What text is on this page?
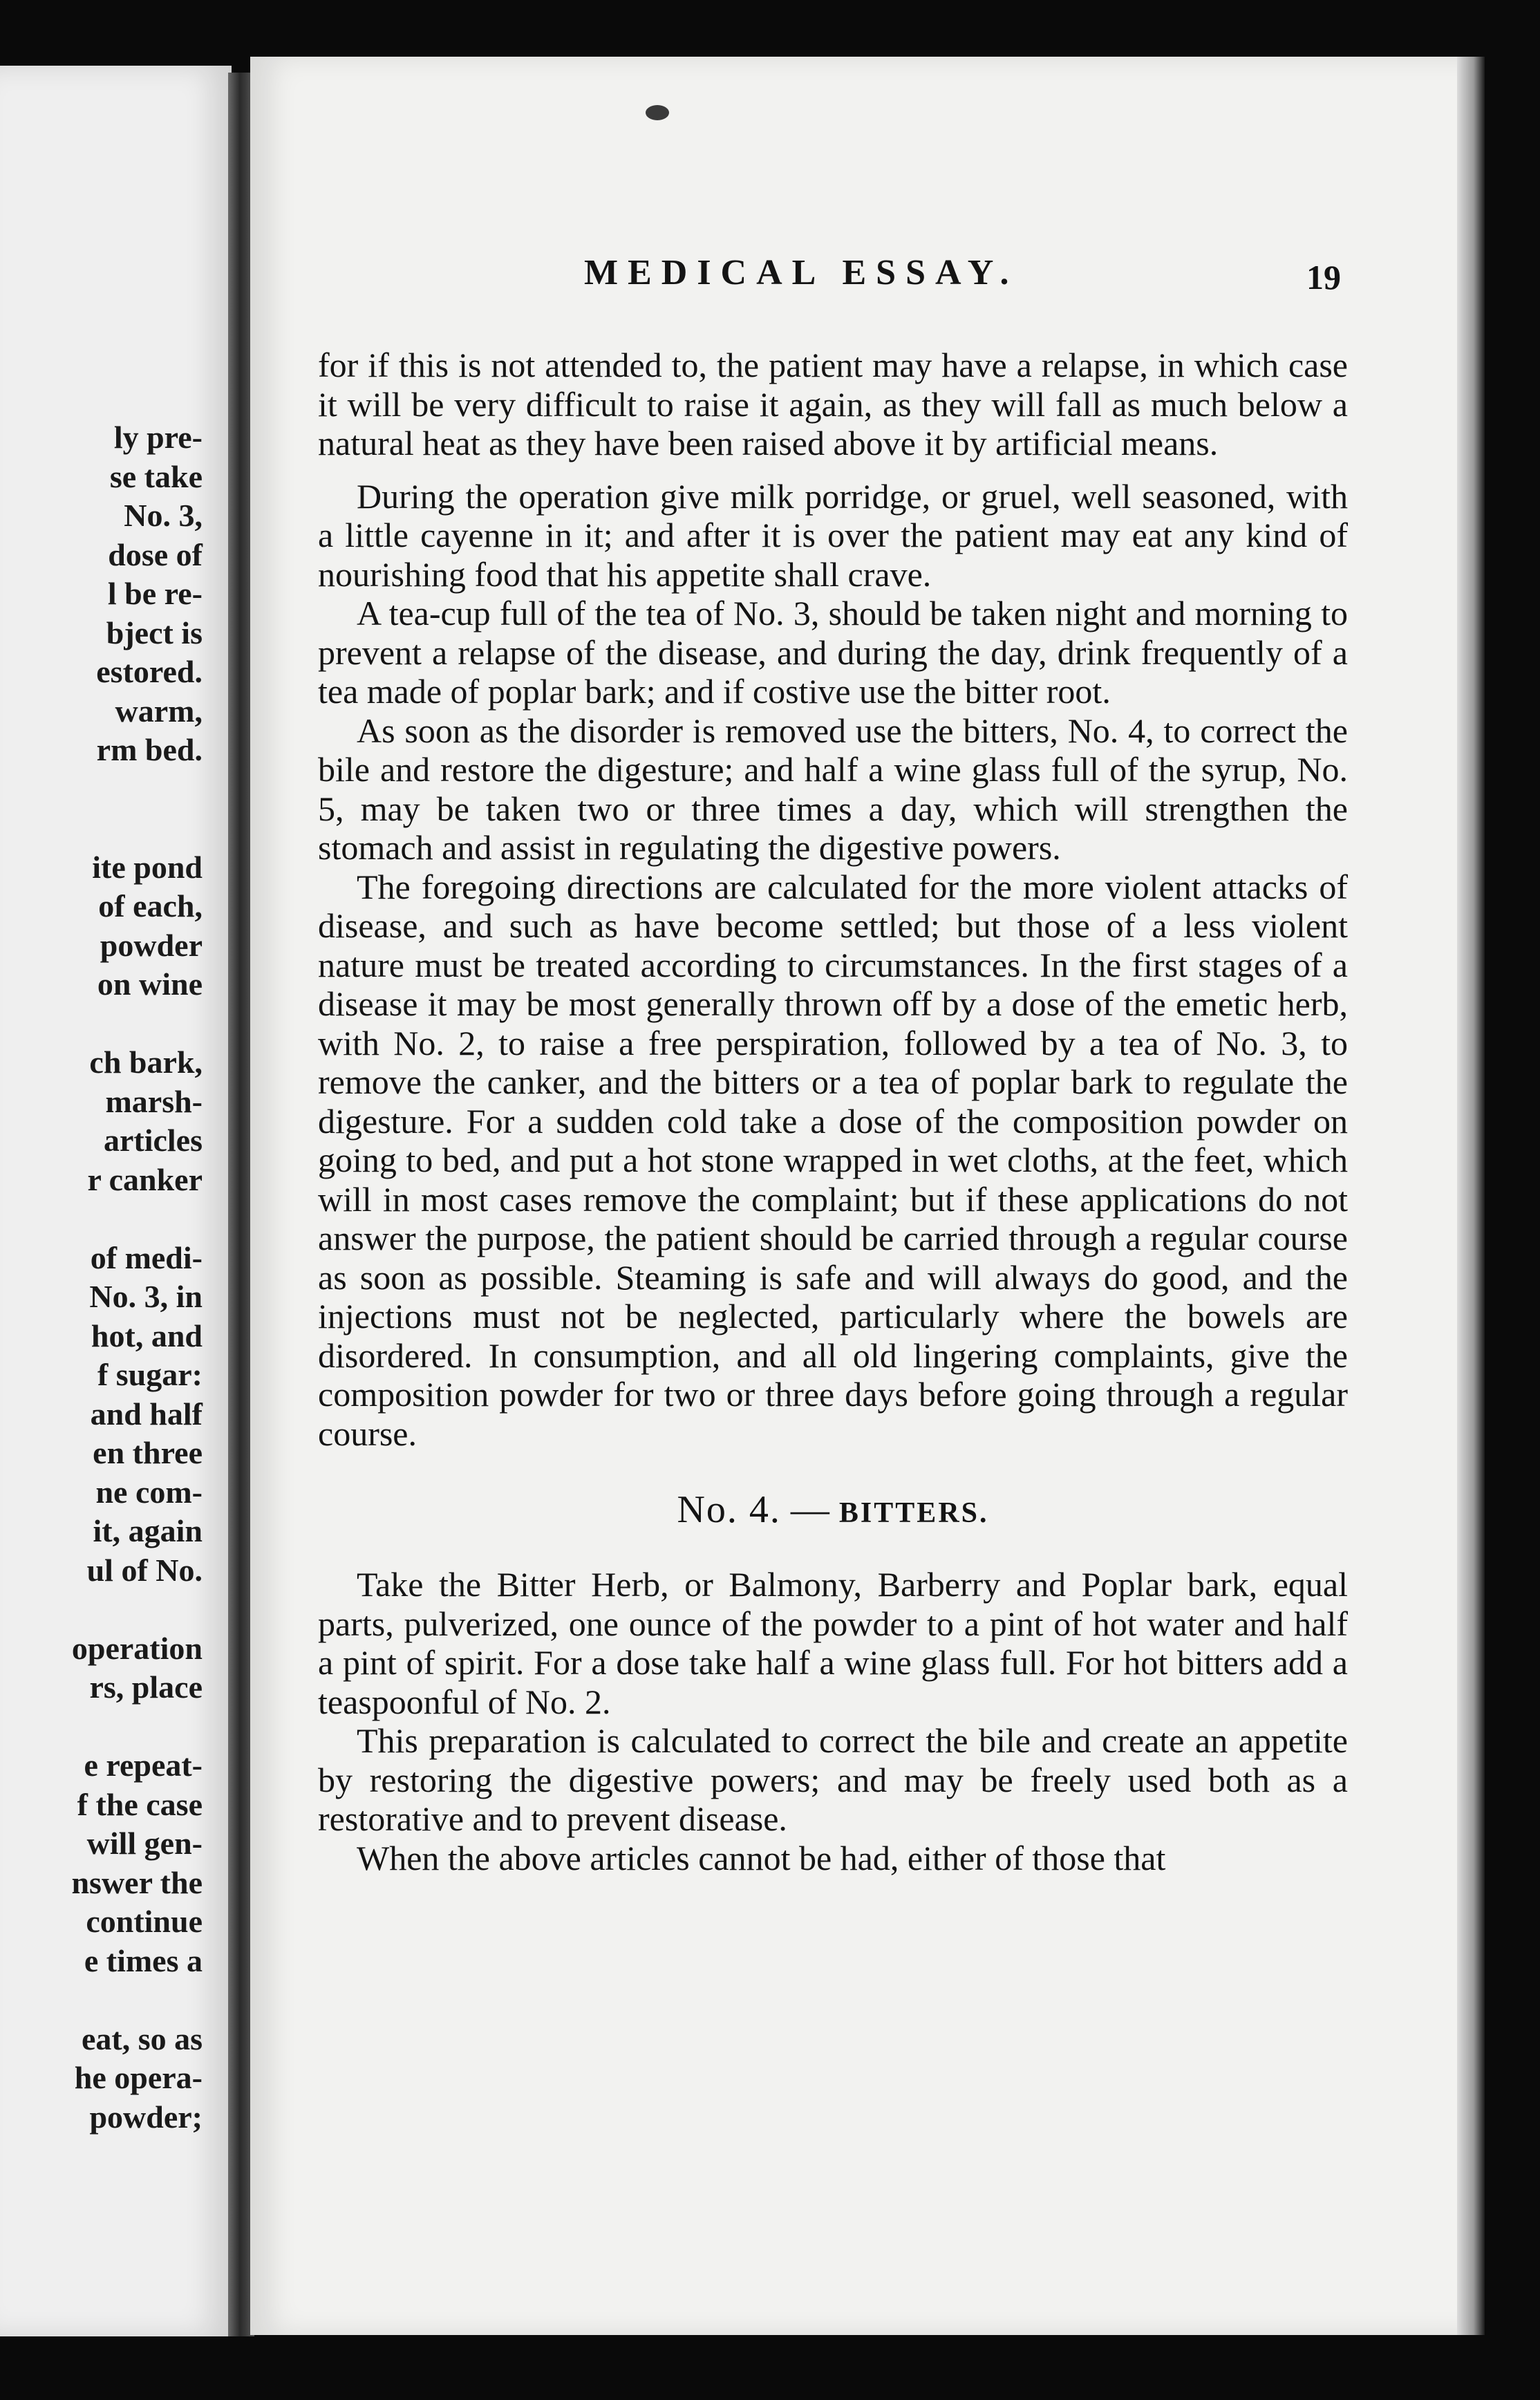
ly pre-
se take
No. 3,
dose of
l be re-
bject is
estored.
warm,
rm bed.
ite pond
of each,
powder
on wine
ch bark,
marsh-
articles
r canker
of medi-
No. 3, in
hot, and
f sugar:
and half
en three
ne com-
it, again
ul of No.
operation
rs, place
e repeat-
f the case
will gen-
nswer the
continue
e times a
eat, so as
he opera-
powder;
MEDICAL ESSAY.	19

for if this is not attended to, the patient may have a relapse, in which case it will be very difficult to raise it again, as they will fall as much below a natural heat as they have been raised above it by artificial means.

During the operation give milk porridge, or gruel, well seasoned, with a little cayenne in it; and after it is over the patient may eat any kind of nourishing food that his appetite shall crave.

A tea-cup full of the tea of No. 3, should be taken night and morning to prevent a relapse of the disease, and during the day, drink frequently of a tea made of poplar bark; and if costive use the bitter root.

As soon as the disorder is removed use the bitters, No. 4, to correct the bile and restore the digesture; and half a wine glass full of the syrup, No. 5, may be taken two or three times a day, which will strengthen the stomach and assist in regulating the digestive powers.

The foregoing directions are calculated for the more violent attacks of disease, and such as have become settled; but those of a less violent nature must be treated according to circumstances. In the first stages of a disease it may be most generally thrown off by a dose of the emetic herb, with No. 2, to raise a free perspiration, followed by a tea of No. 3, to remove the canker, and the bitters or a tea of poplar bark to regulate the digesture. For a sudden cold take a dose of the composition powder on going to bed, and put a hot stone wrapped in wet cloths, at the feet, which will in most cases remove the complaint; but if these applications do not answer the purpose, the patient should be carried through a regular course as soon as possible. Steaming is safe and will always do good, and the injections must not be neglected, particularly where the bowels are disordered. In consumption, and all old lingering complaints, give the composition powder for two or three days before going through a regular course.

No. 4. — BITTERS.

Take the Bitter Herb, or Balmony, Barberry and Poplar bark, equal parts, pulverized, one ounce of the powder to a pint of hot water and half a pint of spirit. For a dose take half a wine glass full. For hot bitters add a teaspoonful of No. 2.

This preparation is calculated to correct the bile and create an appetite by restoring the digestive powers; and may be freely used both as a restorative and to prevent disease.

When the above articles cannot be had, either of those that
